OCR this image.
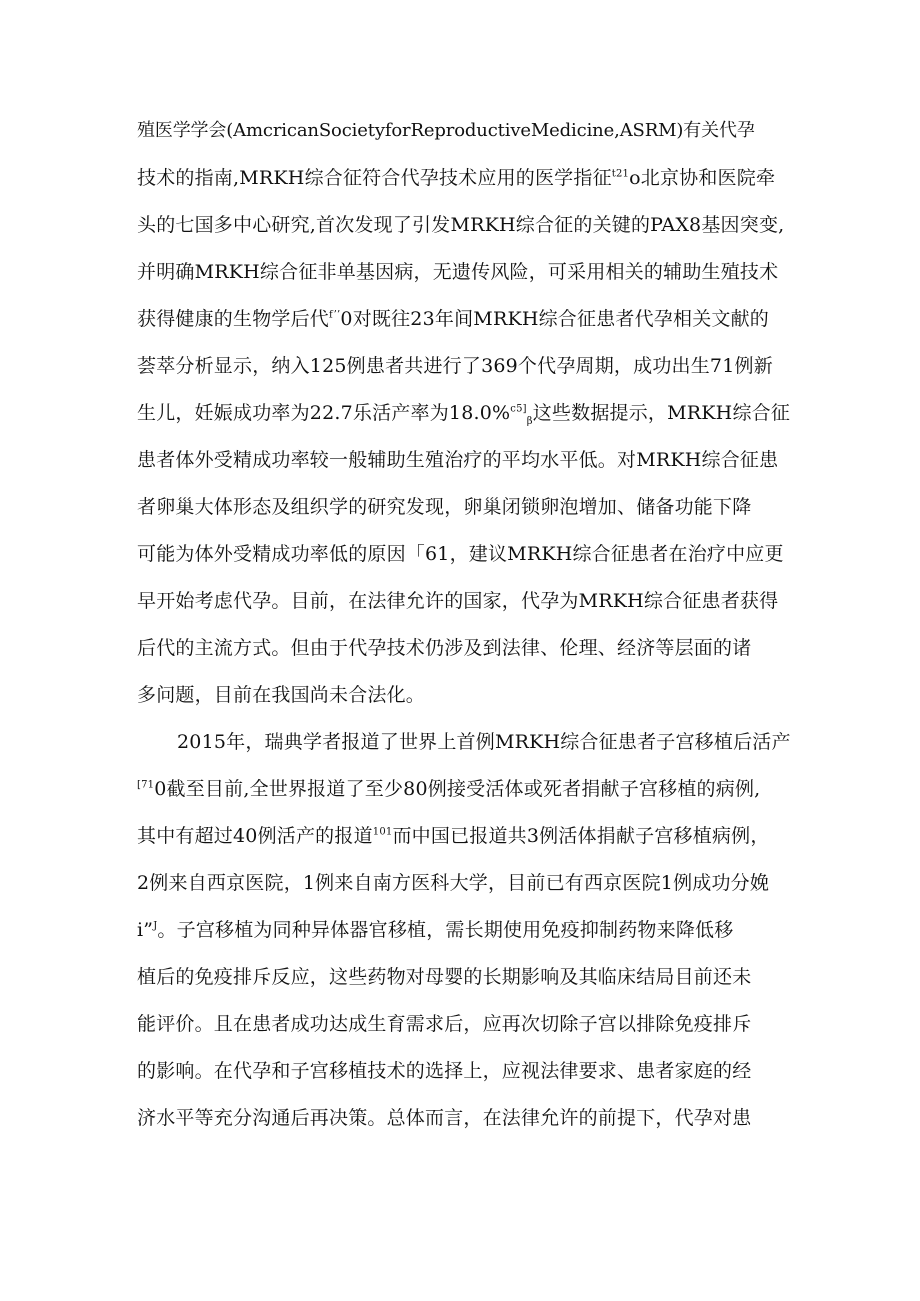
殖医学学会(AmcricanSocietyforReproductiveMedicine,ASRM)有关代孕
技术的指南,MRKH综合征符合代孕技术应用的医学指征$^{t21}$o北京协和医院牵
头的七国多中心研究,首次发现了引发MRKH综合征的关键的PAX8基因突变,
并明确MRKH综合征非单基因病，无遗传风险，可采用相关的辅助生殖技术
获得健康的生物学后代$^{f’’}$0对既往23年间MRKH综合征患者代孕相关文献的
荟萃分析显示，纳入125例患者共进行了369个代孕周期，成功出生71例新
生儿，妊娠成功率为22.7乐活产率为18.0%$^{c5]}_\beta$这些数据提示，MRKH综合征
患者体外受精成功率较一般辅助生殖治疗的平均水平低。对MRKH综合征患
者卵巢大体形态及组织学的研究发现，卵巢闭锁卵泡增加、储备功能下降
可能为体外受精成功率低的原因「61，建议MRKH综合征患者在治疗中应更
早开始考虑代孕。目前，在法律允许的国家，代孕为MRKH综合征患者获得
后代的主流方式。但由于代孕技术仍涉及到法律、伦理、经济等层面的诸
多问题，目前在我国尚未合法化。
2015年，瑞典学者报道了世界上首例MRKH综合征患者子宫移植后活产
$^{[71}$0截至目前,全世界报道了至少80例接受活体或死者捐献子宫移植的病例,
其中有超过40例活产的报道$^{101}$而中国已报道共3例活体捐献子宫移植病例，
2例来自西京医院，1例来自南方医科大学，目前已有西京医院1例成功分娩
i”$^J$。子宫移植为同种异体器官移植，需长期使用免疫抑制药物来降低移
植后的免疫排斥反应，这些药物对母婴的长期影响及其临床结局目前还未
能评价。且在患者成功达成生育需求后，应再次切除子宫以排除免疫排斥
的影响。在代孕和子宫移植技术的选择上，应视法律要求、患者家庭的经
济水平等充分沟通后再决策。总体而言，在法律允许的前提下，代孕对患
